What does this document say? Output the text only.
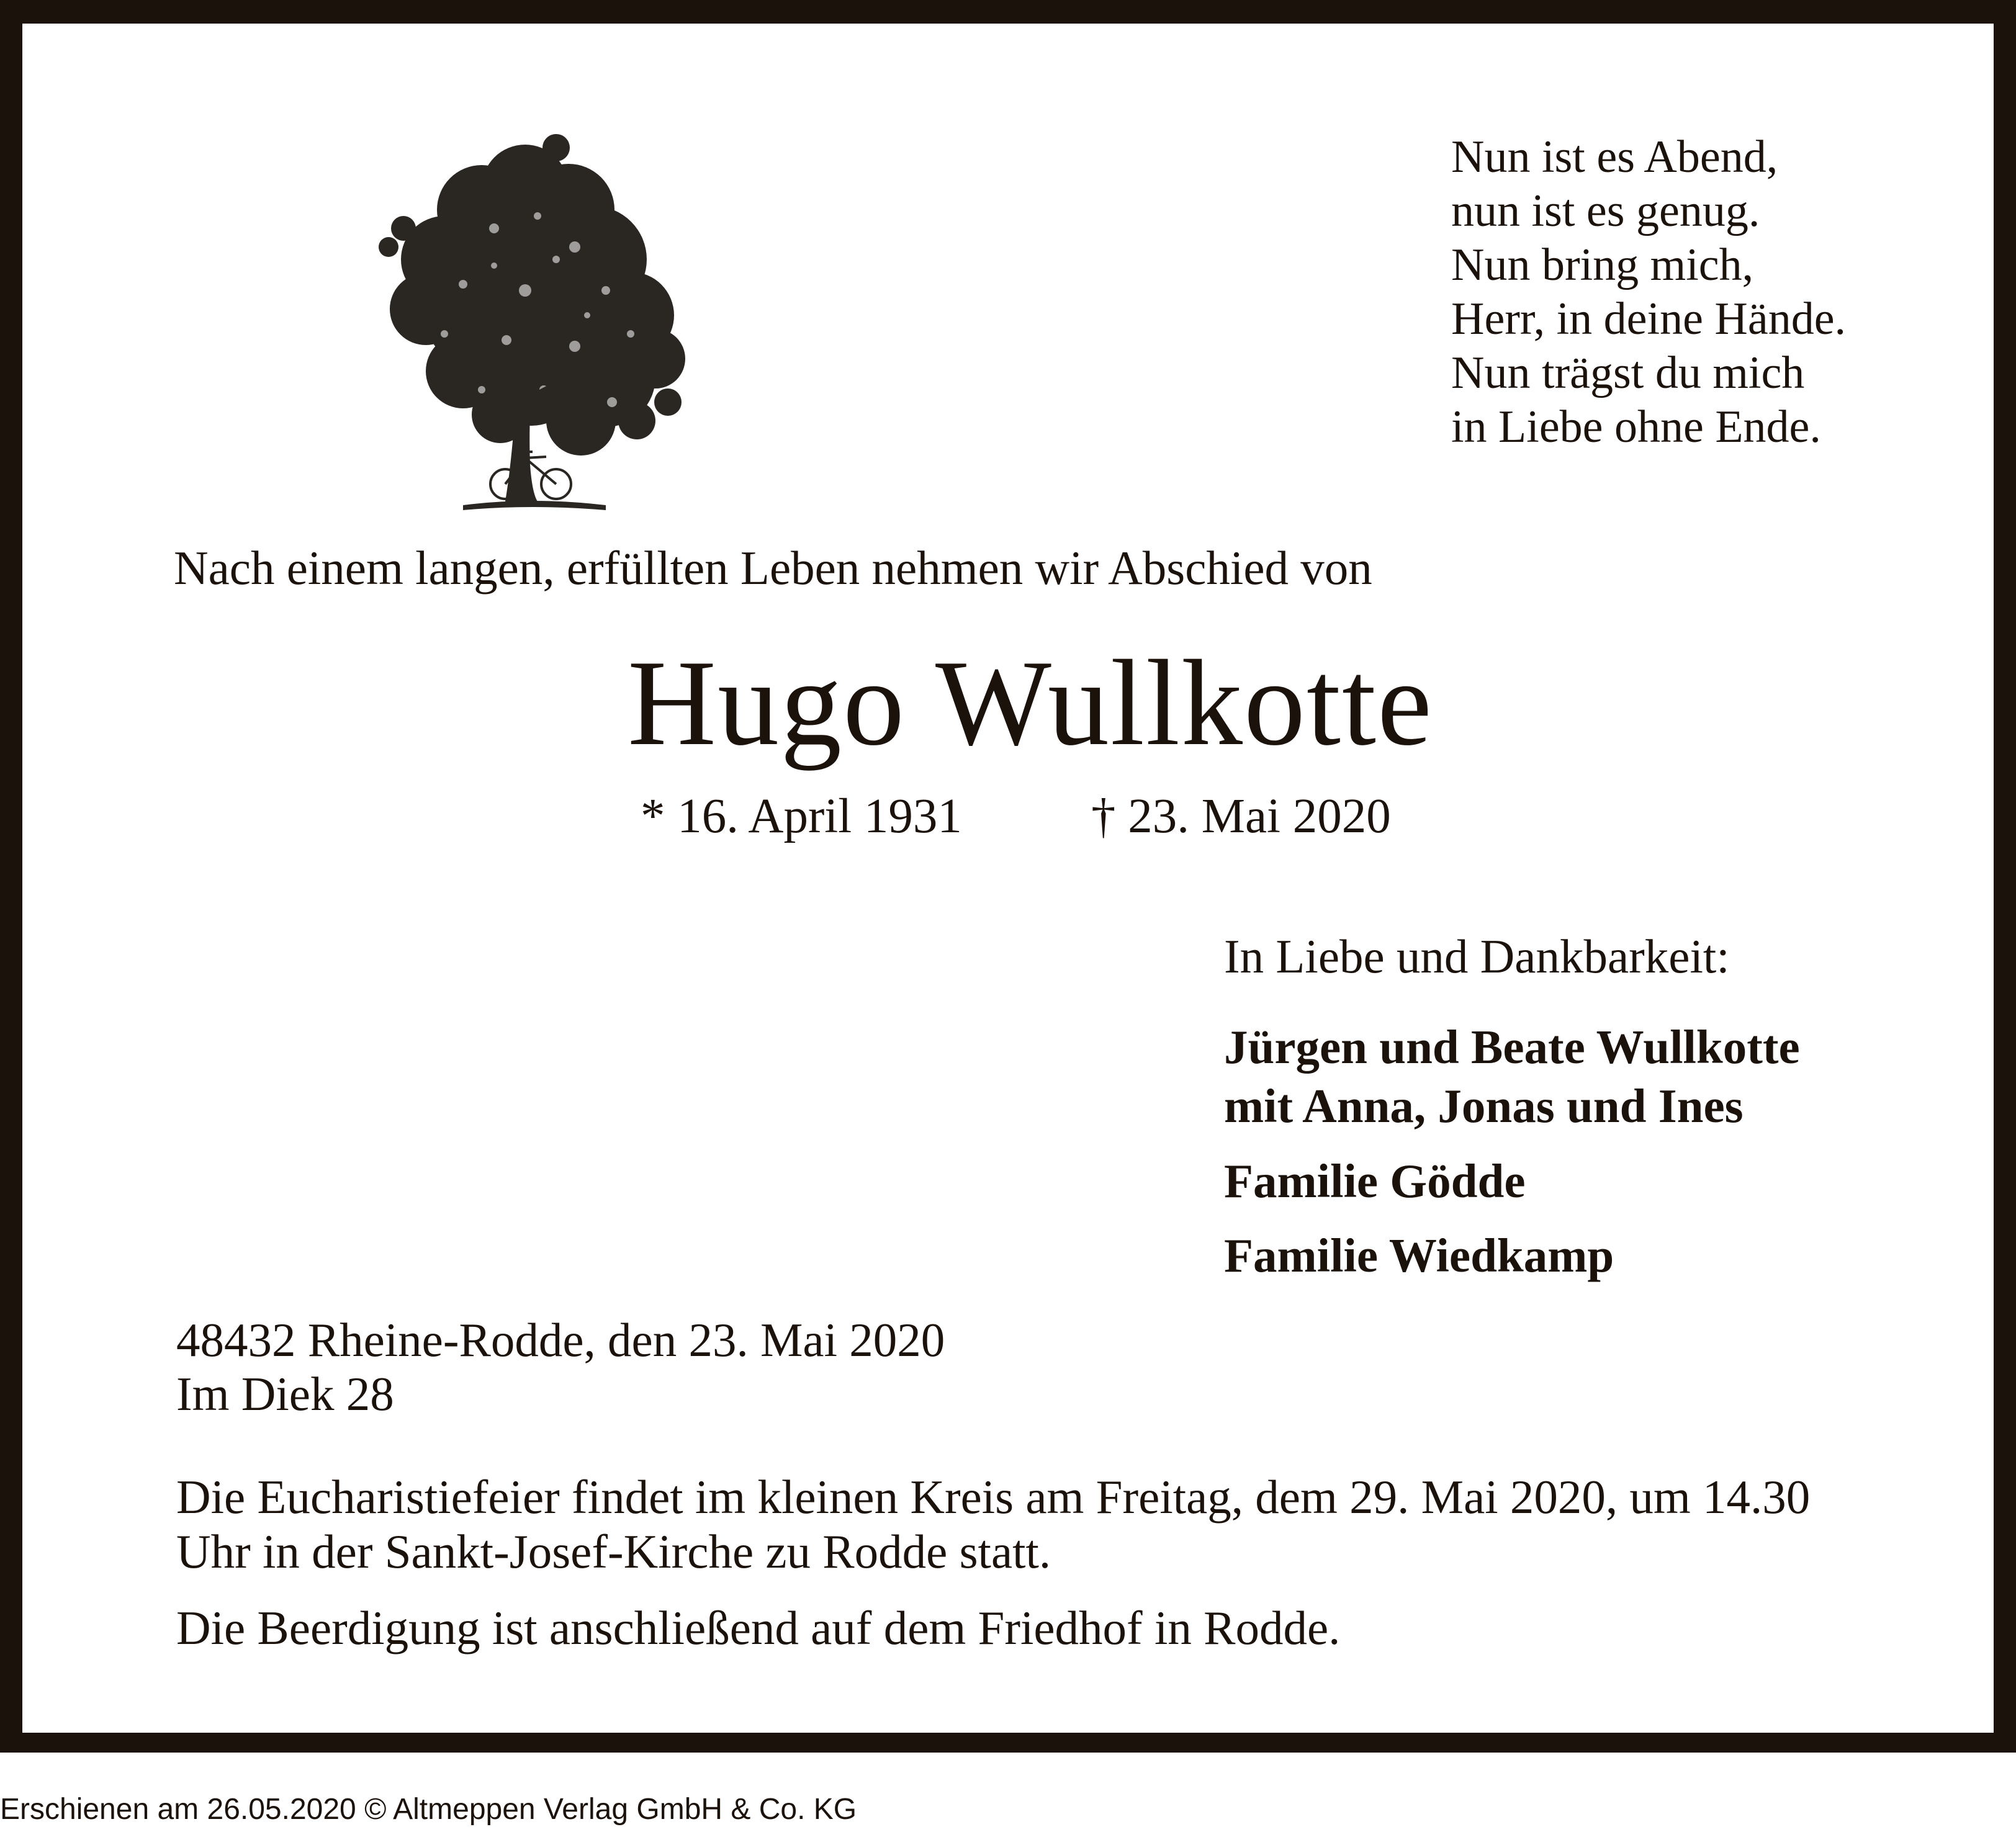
Nun ist es Abend,
nun ist es genug.
Nun bring mich,
Herr, in deine Hände.
Nun trägst du mich
in Liebe ohne Ende.
Nach einem langen, erfüllten Leben nehmen wir Abschied von
Hugo Wullkotte
* 16. April 1931	† 23. Mai 2020
In Liebe und Dankbarkeit:
Jürgen und Beate Wullkotte
mit Anna, Jonas und Ines
Familie Gödde
Familie Wiedkamp
48432 Rheine-Rodde, den 23. Mai 2020
Im Diek 28
Die Eucharistiefeier findet im kleinen Kreis am Freitag, dem 29. Mai 2020, um 14.30
Uhr in der Sankt-Josef-Kirche zu Rodde statt.
Die Beerdigung ist anschließend auf dem Friedhof in Rodde.
Erschienen am 26.05.2020 © Altmeppen Verlag GmbH & Co. KG
